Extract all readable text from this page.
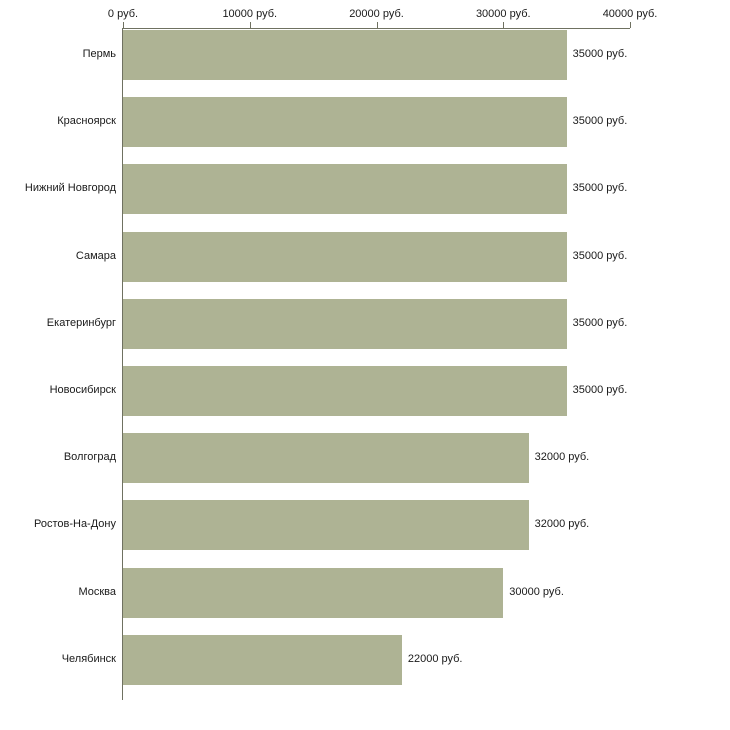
0 руб.	10000 руб.	20000 руб.	30000 руб.	40000 руб.
Пермь	35000 руб.
Красноярск	35000 руб.
Нижний Новгород	35000 руб.
Самара	35000 руб.
Екатеринбург	35000 руб.
Новосибирск	35000 руб.
Волгоград	32000 руб.
Ростов-На-Дону	32000 руб.
Москва	30000 руб.
Челябинск	22000 руб.
